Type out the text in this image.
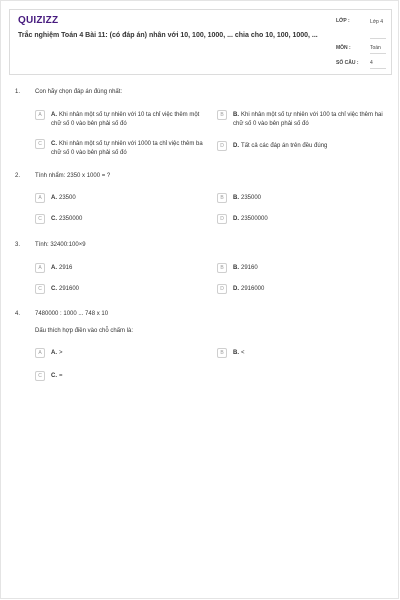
QUIZIZZ
Trắc nghiệm Toán 4 Bài 11: (có đáp án) nhân với 10, 100, 1000, ... chia cho 10, 100, 1000, ...
LỚP :	Lớp 4
MÔN :	Toán
SỐ CÂU : 4
1. Con hãy chọn đáp án đúng nhất:
A	A. Khi nhân một số tự nhiên với 10 ta chỉ việc thêm một chữ số 0 vào bên phải số đó
B	B. Khi nhân một số tự nhiên với 100 ta chỉ việc thêm hai chữ số 0 vào bên phải số đó
C	C. Khi nhân một số tự nhiên với 1000 ta chỉ việc thêm ba chữ số 0 vào bên phải số đó
D	D. Tất cả các đáp án trên đều đúng
2. Tính nhẩm: 2350 x 1000 = ?
A	A. 23500	B	B. 235000
C	C. 2350000	D	D. 23500000
3. Tính: 32400:100×9
A	A. 2916	B	B. 29160
C	C. 291600	D	D. 2916000
4. 7480000 : 1000 ... 748 x 10
Dấu thích hợp điền vào chỗ chấm là:
A	A. >	B	B. <
C	C. =
